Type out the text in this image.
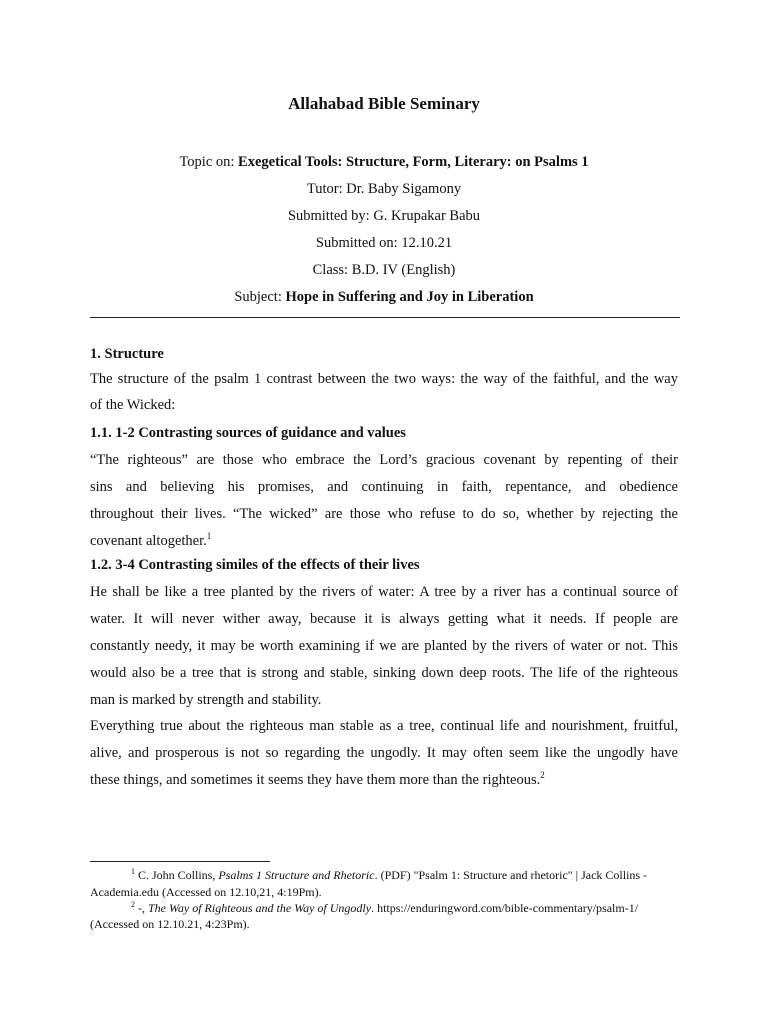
Allahabad Bible Seminary
Topic on: Exegetical Tools: Structure, Form, Literary: on Psalms 1
Tutor: Dr. Baby Sigamony
Submitted by: G. Krupakar Babu
Submitted on: 12.10.21
Class: B.D. IV (English)
Subject: Hope in Suffering and Joy in Liberation
1. Structure
The structure of the psalm 1 contrast between the two ways: the way of the faithful, and the way
of the Wicked:
1.1. 1-2 Contrasting sources of guidance and values
“The righteous” are those who embrace the Lord’s gracious covenant by repenting of their
sins and believing his promises, and continuing in faith, repentance, and obedience
throughout their lives. “The wicked” are those who refuse to do so, whether by rejecting the
covenant altogether.$^1$
1.2. 3-4 Contrasting similes of the effects of their lives
He shall be like a tree planted by the rivers of water: A tree by a river has a continual source of
water. It will never wither away, because it is always getting what it needs. If people are
constantly needy, it may be worth examining if we are planted by the rivers of water or not. This
would also be a tree that is strong and stable, sinking down deep roots. The life of the righteous
man is marked by strength and stability.
Everything true about the righteous man stable as a tree, continual life and nourishment, fruitful,
alive, and prosperous is not so regarding the ungodly. It may often seem like the ungodly have
these things, and sometimes it seems they have them more than the righteous.$^2$
$^1$ C. John Collins, Psalms 1 Structure and Rhetoric. (PDF) "Psalm 1: Structure and rhetoric" | Jack Collins -
Academia.edu (Accessed on 12.10,21, 4:19Pm).
$^2$ -, The Way of Righteous and the Way of Ungodly. https://enduringword.com/bible-commentary/psalm-1/
(Accessed on 12.10.21, 4:23Pm).
